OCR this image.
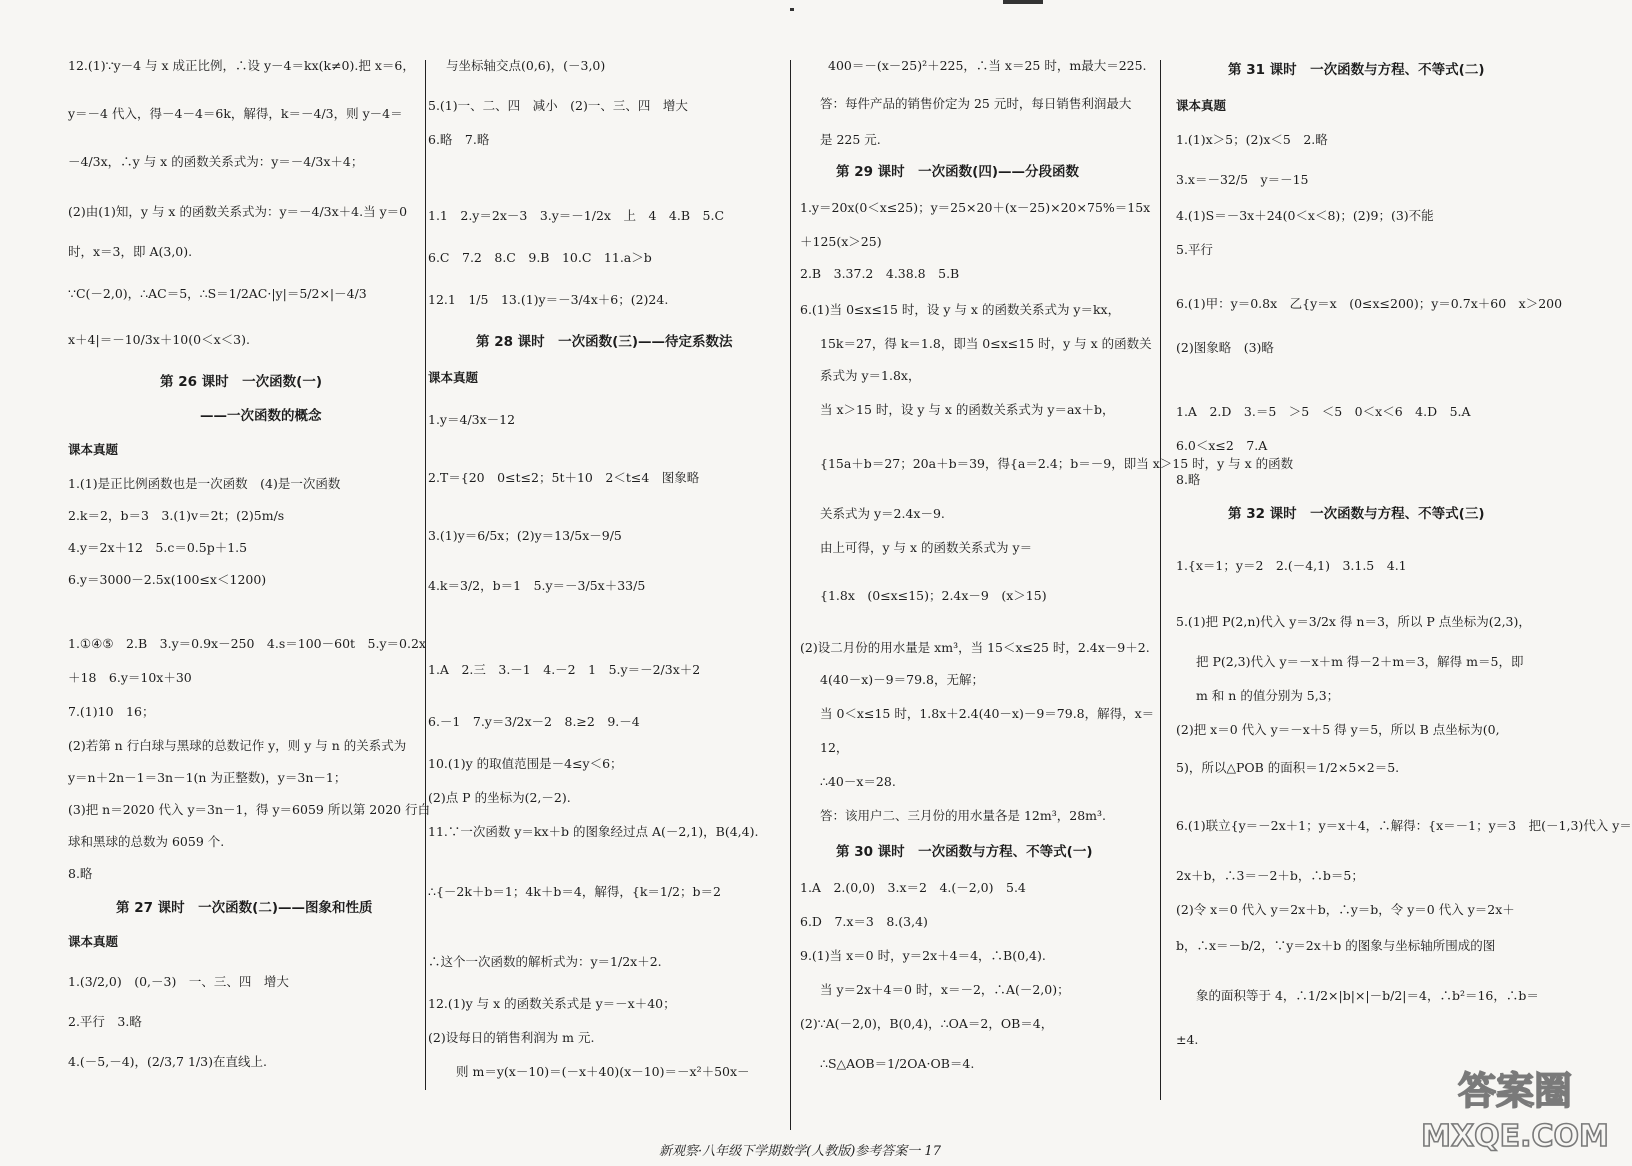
12.(1)∵y－4 与 x 成正比例，∴设 y－4＝kx(k≠0).把 x＝6，
y＝－4 代入，得－4－4＝6k，解得，k＝－4/3，则 y－4＝
－4/3x，∴y 与 x 的函数关系式为：y＝－4/3x＋4；
(2)由(1)知，y 与 x 的函数关系式为：y＝－4/3x＋4.当 y＝0
时，x＝3，即 A(3,0).
∵C(－2,0)，∴AC＝5，∴S＝1/2AC·|y|＝5/2×|－4/3
x＋4|＝－10/3x＋10(0＜x＜3).
第 26 课时　一次函数(一)
——一次函数的概念
课本真题
1.(1)是正比例函数也是一次函数　(4)是一次函数
2.k＝2，b＝3　3.(1)v＝2t；(2)5m/s
4.y＝2x＋12　5.c＝0.5p＋1.5
6.y＝3000－2.5x(100≤x＜1200)
1.①④⑤　2.B　3.y＝0.9x－250　4.s＝100－60t　5.y＝0.2x
＋18　6.y＝10x＋30
7.(1)10　16；
(2)若第 n 行白球与黑球的总数记作 y，则 y 与 n 的关系式为
y＝n＋2n－1＝3n－1(n 为正整数)，y＝3n－1；
(3)把 n＝2020 代入 y＝3n－1，得 y＝6059 所以第 2020 行白
球和黑球的总数为 6059 个.
8.略
第 27 课时　一次函数(二)——图象和性质
课本真题
1.(3/2,0)　(0,－3)　一、三、四　增大
2.平行　3.略
4.(－5,－4)，(2/3,7 1/3)在直线上.
与坐标轴交点(0,6)，(－3,0)
5.(1)一、二、四　减小　(2)一、三、四　增大
6.略　7.略
1.1　2.y＝2x－3　3.y＝－1/2x　上　4　4.B　5.C
6.C　7.2　8.C　9.B　10.C　11.a＞b
12.1　1/5　13.(1)y＝－3/4x＋6；(2)24.
第 28 课时　一次函数(三)——待定系数法
课本真题
1.y＝4/3x－12
2.T＝{20　0≤t≤2；5t＋10　2＜t≤4　图象略
3.(1)y＝6/5x；(2)y＝13/5x－9/5
4.k＝3/2，b＝1　5.y＝－3/5x＋33/5
1.A　2.三　3.－1　4.－2　1　5.y＝－2/3x＋2
6.－1　7.y＝3/2x－2　8.≥2　9.－4
10.(1)y 的取值范围是－4≤y＜6；
(2)点 P 的坐标为(2,－2).
11.∵一次函数 y＝kx＋b 的图象经过点 A(－2,1)，B(4,4).
∴{－2k＋b＝1；4k＋b＝4，解得，{k＝1/2；b＝2
∴这个一次函数的解析式为：y＝1/2x＋2.
12.(1)y 与 x 的函数关系式是 y＝－x＋40；
(2)设每日的销售利润为 m 元.
则 m＝y(x－10)＝(－x＋40)(x－10)＝－x²＋50x－
400＝－(x－25)²＋225，∴当 x＝25 时，m最大＝225.
答：每件产品的销售价定为 25 元时，每日销售利润最大
是 225 元.
第 29 课时　一次函数(四)——分段函数
1.y＝20x(0＜x≤25)；y＝25×20＋(x－25)×20×75%＝15x
＋125(x＞25)
2.B　3.37.2　4.38.8　5.B
6.(1)当 0≤x≤15 时，设 y 与 x 的函数关系式为 y＝kx，
15k＝27，得 k＝1.8，即当 0≤x≤15 时，y 与 x 的函数关
系式为 y＝1.8x，
当 x＞15 时，设 y 与 x 的函数关系式为 y＝ax＋b，
{15a＋b＝27；20a＋b＝39，得{a＝2.4；b＝－9，即当 x＞15 时，y 与 x 的函数
关系式为 y＝2.4x－9.
由上可得，y 与 x 的函数关系式为 y＝
{1.8x　(0≤x≤15)；2.4x－9　(x＞15)
(2)设二月份的用水量是 xm³，当 15＜x≤25 时，2.4x－9＋2.
4(40－x)－9＝79.8，无解；
当 0＜x≤15 时，1.8x＋2.4(40－x)－9＝79.8，解得，x＝
12，
∴40－x＝28.
答：该用户二、三月份的用水量各是 12m³，28m³.
第 30 课时　一次函数与方程、不等式(一)
1.A　2.(0,0)　3.x＝2　4.(－2,0)　5.4
6.D　7.x＝3　8.(3,4)
9.(1)当 x＝0 时，y＝2x＋4＝4，∴B(0,4).
当 y＝2x＋4＝0 时，x＝－2，∴A(－2,0)；
(2)∵A(－2,0)，B(0,4)，∴OA＝2，OB＝4，
∴S△AOB＝1/2OA·OB＝4.
第 31 课时　一次函数与方程、不等式(二)
课本真题
1.(1)x＞5；(2)x＜5　2.略
3.x＝－32/5　y＝－15
4.(1)S＝－3x＋24(0＜x＜8)；(2)9；(3)不能
5.平行
6.(1)甲：y＝0.8x　乙{y＝x　(0≤x≤200)；y＝0.7x＋60　x＞200
(2)图象略　(3)略
1.A　2.D　3.＝5　＞5　＜5　0＜x＜6　4.D　5.A
6.0＜x≤2　7.A
8.略
第 32 课时　一次函数与方程、不等式(三)
1.{x＝1；y＝2　2.(－4,1)　3.1.5　4.1
5.(1)把 P(2,n)代入 y＝3/2x 得 n＝3，所以 P 点坐标为(2,3)，
把 P(2,3)代入 y＝－x＋m 得－2＋m＝3，解得 m＝5，即
m 和 n 的值分别为 5,3；
(2)把 x＝0 代入 y＝－x＋5 得 y＝5，所以 B 点坐标为(0,
5)，所以△POB 的面积＝1/2×5×2＝5.
6.(1)联立{y＝－2x＋1；y＝x＋4，∴解得：{x＝－1；y＝3　把(－1,3)代入 y＝
2x＋b，∴3＝－2＋b，∴b＝5；
(2)令 x＝0 代入 y＝2x＋b，∴y＝b，令 y＝0 代入 y＝2x＋
b，∴x＝－b/2，∵y＝2x＋b 的图象与坐标轴所围成的图
象的面积等于 4，∴1/2×|b|×|－b/2|＝4，∴b²＝16，∴b＝
±4.
新观察·八年级下学期数学(人教版)参考答案一 17
答案圈
MXQE.COM
